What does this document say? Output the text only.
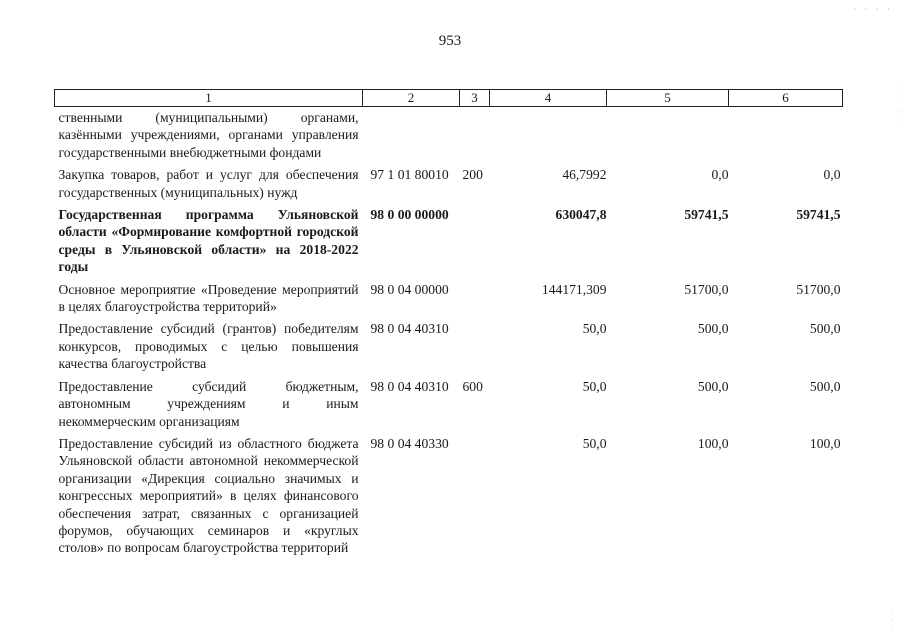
· · · ·
·
·
·
·
·
·
·
·
953
1	2	3	4	5	6
ственными (муниципальными) органами, казёнными учреждениями, органами управления государственными внебюджетными фондами					
Закупка товаров, работ и услуг для обеспечения государственных (муниципальных) нужд	97 1 01 80010	200	46,7992	0,0	0,0
Государственная программа Ульяновской области «Формирование комфортной городской среды в Ульяновской области» на 2018-2022 годы	98 0 00 00000		630047,8	59741,5	59741,5
Основное мероприятие «Проведение мероприятий в целях благоустройства территорий»	98 0 04 00000		144171,309	51700,0	51700,0
Предоставление субсидий (грантов) победителям конкурсов, проводимых с целью повышения качества благоустройства	98 0 04 40310		50,0	500,0	500,0
Предоставление субсидий бюджетным, автономным учреждениям и иным некоммерческим организациям	98 0 04 40310	600	50,0	500,0	500,0
Предоставление субсидий из областного бюджета Ульяновской области автономной некоммерческой организации «Дирекция социально значимых и конгрессных мероприятий» в целях финансового обеспечения затрат, связанных с организацией форумов, обучающих семинаров и «круглых столов» по вопросам благоустройства территорий	98 0 04 40330		50,0	100,0	100,0
